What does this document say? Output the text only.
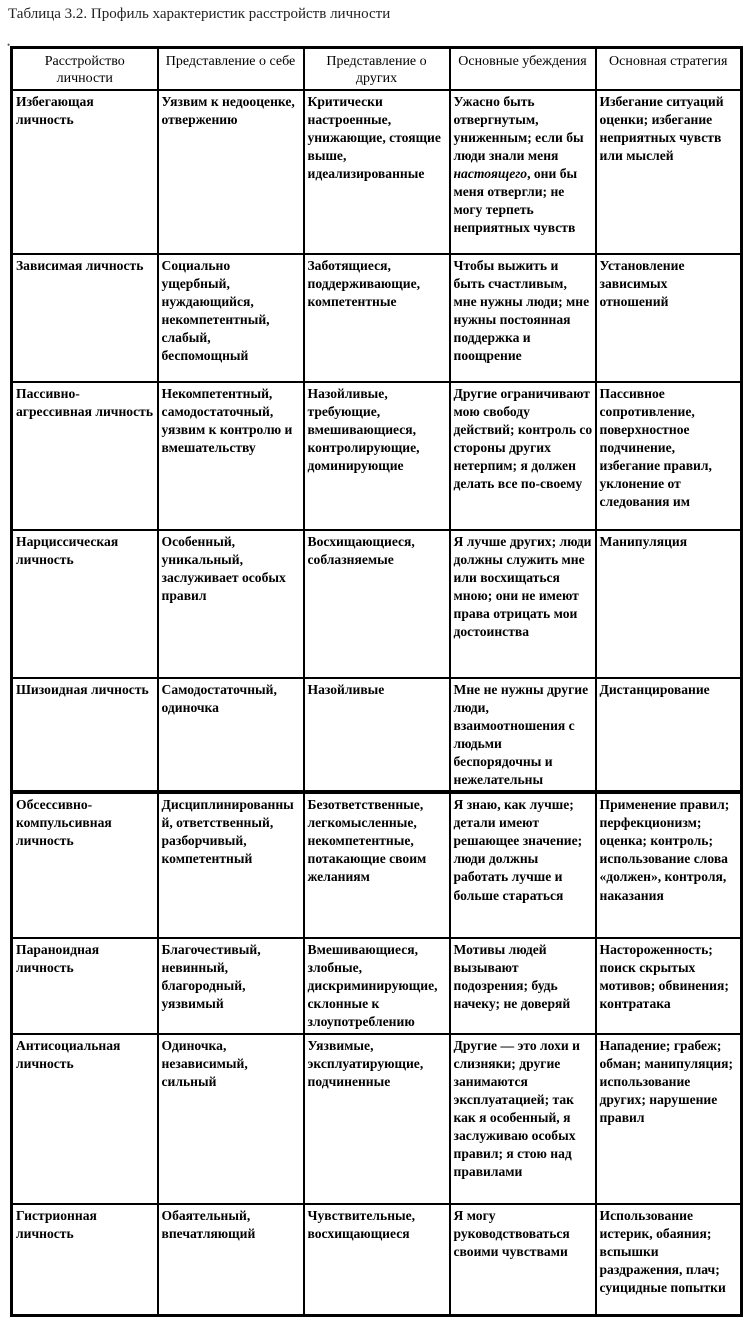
Таблица 3.2. Профиль характеристик расстройств личности
•
Расстройство личности	Представление о себе	Представление о других	Основные убеждения	Основная стратегия
Избегающая личность	Уязвим к недооценке, отвержению	Критически настроенные, унижающие, стоящие выше, идеализированные	Ужасно быть отвергнутым, униженным; если бы люди знали меня настоящего, они бы меня отвергли; не могу терпеть неприятных чувств	Избегание ситуаций оценки; избегание неприятных чувств или мыслей
Зависимая личность	Социально ущербный, нуждающийся, некомпетентный, слабый, беспомощный	Заботящиеся, поддерживающие, компетентные	Чтобы выжить и быть счастливым, мне нужны люди; мне нужны постоянная поддержка и поощрение	Установление зависимых отношений
Пассивно-агрессивная личность	Некомпетентный, самодостаточный, уязвим к контролю и вмешательству	Назойливые, требующие, вмешивающиеся, контролирующие, доминирующие	Другие ограничивают мою свободу действий; контроль со стороны других нетерпим; я должен делать все по-своему	Пассивное сопротивление, поверхностное подчинение, избегание правил, уклонение от следования им
Нарциссическая личность	Особенный, уникальный, заслуживает особых правил	Восхищающиеся, соблазняемые	Я лучше других; люди должны служить мне или восхищаться мною; они не имеют права отрицать мои достоинства	Манипуляция
Шизоидная личность	Самодостаточный, одиночка	Назойливые	Мне не нужны другие люди, взаимоотношения с людьми беспорядочны и нежелательны	Дистанцирование
Обсессивно-компульсивная личность	Дисциплинированный, ответственный, разборчивый, компетентный	Безответственные, легкомысленные, некомпетентные, потакающие своим желаниям	Я знаю, как лучше; детали имеют решающее значение; люди должны работать лучше и больше стараться	Применение правил; перфекционизм; оценка; контроль; использование слова «должен», контроля, наказания
Параноидная личность	Благочестивый, невинный, благородный, уязвимый	Вмешивающиеся, злобные, дискриминирующие, склонные к злоупотреблению	Мотивы людей вызывают подозрения; будь начеку; не доверяй	Настороженность; поиск скрытых мотивов; обвинения; контратака
Антисоциальная личность	Одиночка, независимый, сильный	Уязвимые, эксплуатирующие, подчиненные	Другие — это лохи и слизняки; другие занимаются эксплуатацией; так как я особенный, я заслуживаю особых правил; я стою над правилами	Нападение; грабеж; обман; манипуляция; использование других; нарушение правил
Гистрионная личность	Обаятельный, впечатляющий	Чувствительные, восхищающиеся	Я могу руководствоваться своими чувствами	Использование истерик, обаяния; вспышки раздражения, плач; суицидные попытки
